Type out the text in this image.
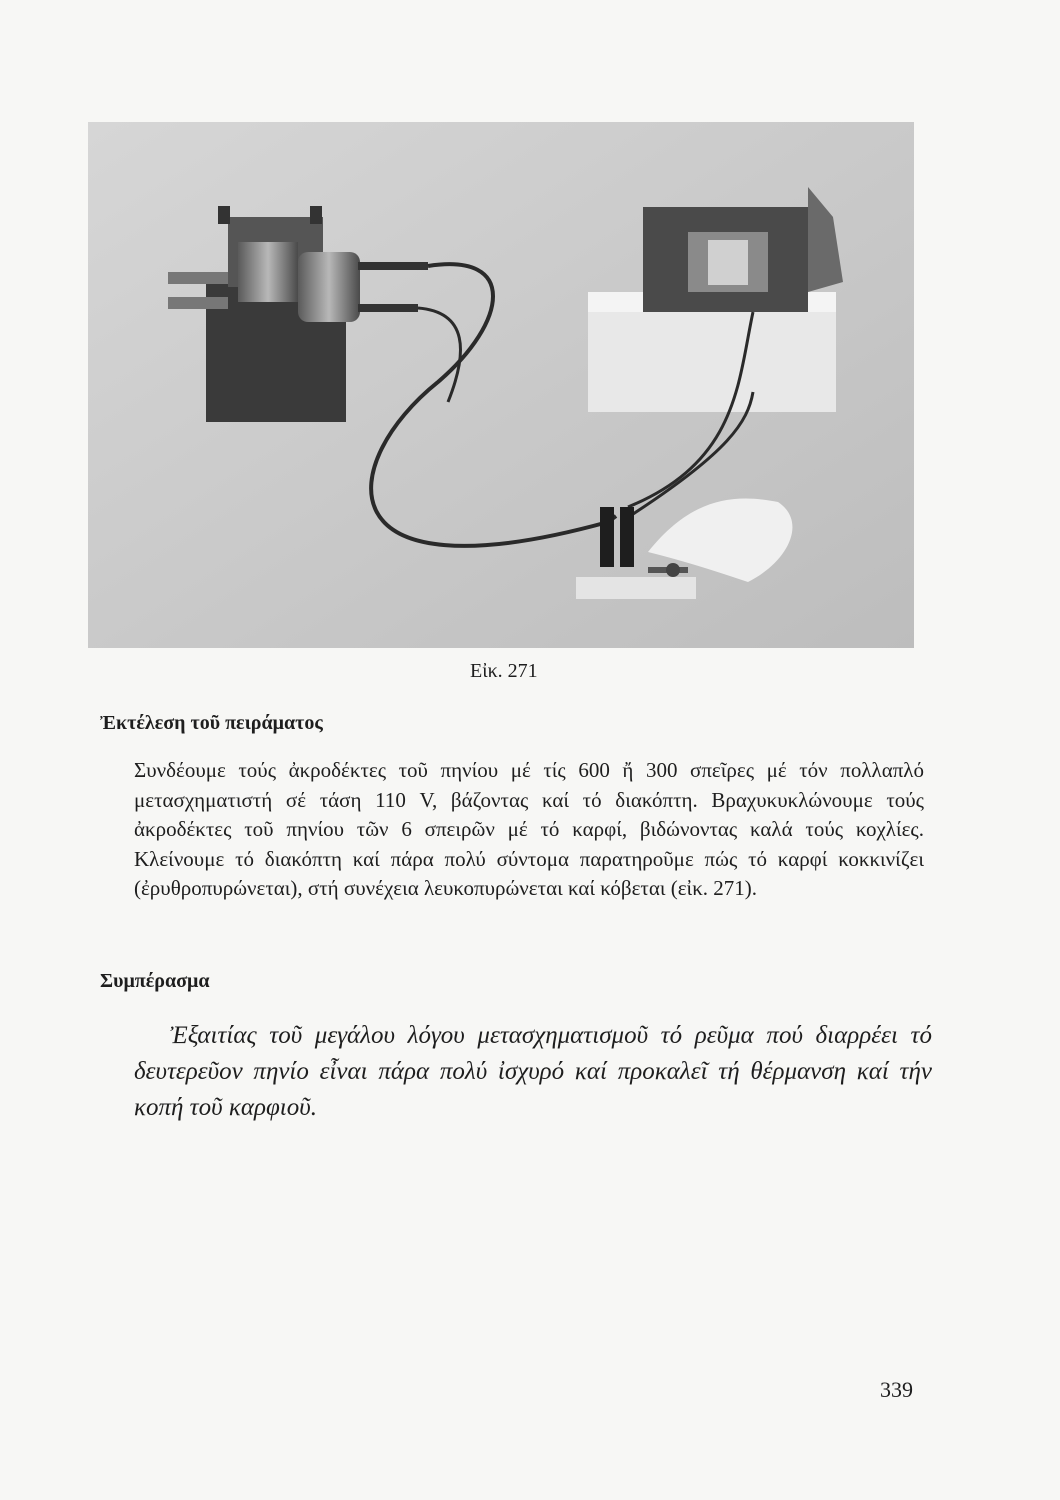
Εἰκ. 271
Ἐκτέλεση τοῦ πειράματος
Συνδέουμε τούς ἀκροδέκτες τοῦ πηνίου μέ τίς 600 ἤ 300 σπεῖρες μέ τόν πολλαπλό μετασχηματιστή σέ τάση 110 V, βάζοντας καί τό διακόπτη. Βραχυκυκλώνουμε τούς ἀκροδέκτες τοῦ πηνίου τῶν 6 σπειρῶν μέ τό καρφί, βιδώνοντας καλά τούς κοχλίες. Κλείνουμε τό διακόπτη καί πάρα πολύ σύντομα παρατηροῦμε πώς τό καρφί κοκκινίζει (ἐρυθροπυρώνεται), στή συνέχεια λευκοπυρώνεται καί κόβεται (εἰκ. 271).
Συμπέρασμα
Ἐξαιτίας τοῦ μεγάλου λόγου μετασχηματισμοῦ τό ρεῦμα πού διαρρέει τό δευτερεῦον πηνίο εἶναι πάρα πολύ ἰσχυρό καί προκαλεῖ τή θέρμανση καί τήν κοπή τοῦ καρφιοῦ.
339
